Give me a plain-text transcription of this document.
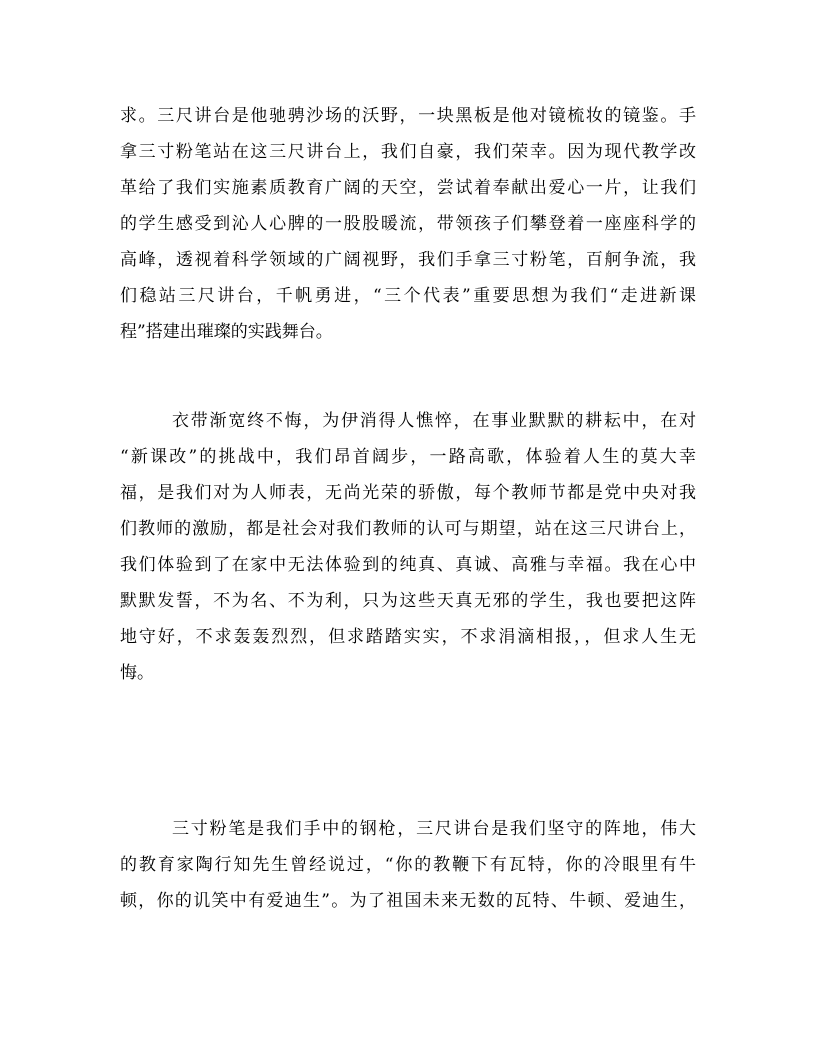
求。三尺讲台是他驰骋沙场的沃野，一块黑板是他对镜梳妆的镜鉴。手
拿三寸粉笔站在这三尺讲台上，我们自豪，我们荣幸。因为现代教学改
革给了我们实施素质教育广阔的天空，尝试着奉献出爱心一片，让我们
的学生感受到沁人心脾的一股股暖流，带领孩子们攀登着一座座科学的
高峰，透视着科学领域的广阔视野，我们手拿三寸粉笔，百舸争流，我
们稳站三尺讲台，千帆勇进，“三个代表”重要思想为我们“走进新课
程”搭建出璀璨的实践舞台。
衣带渐宽终不悔，为伊消得人憔悴，在事业默默的耕耘中，在对
“新课改”的挑战中，我们昂首阔步，一路高歌，体验着人生的莫大幸
福，是我们对为人师表，无尚光荣的骄傲，每个教师节都是党中央对我
们教师的激励，都是社会对我们教师的认可与期望，站在这三尺讲台上，
我们体验到了在家中无法体验到的纯真、真诚、高雅与幸福。我在心中
默默发誓，不为名、不为利，只为这些天真无邪的学生，我也要把这阵
地守好，不求轰轰烈烈，但求踏踏实实，不求涓滴相报，，但求人生无
悔。
三寸粉笔是我们手中的钢枪，三尺讲台是我们坚守的阵地，伟大
的教育家陶行知先生曾经说过，“你的教鞭下有瓦特，你的冷眼里有牛
顿，你的讥笑中有爱迪生”。为了祖国未来无数的瓦特、牛顿、爱迪生，
